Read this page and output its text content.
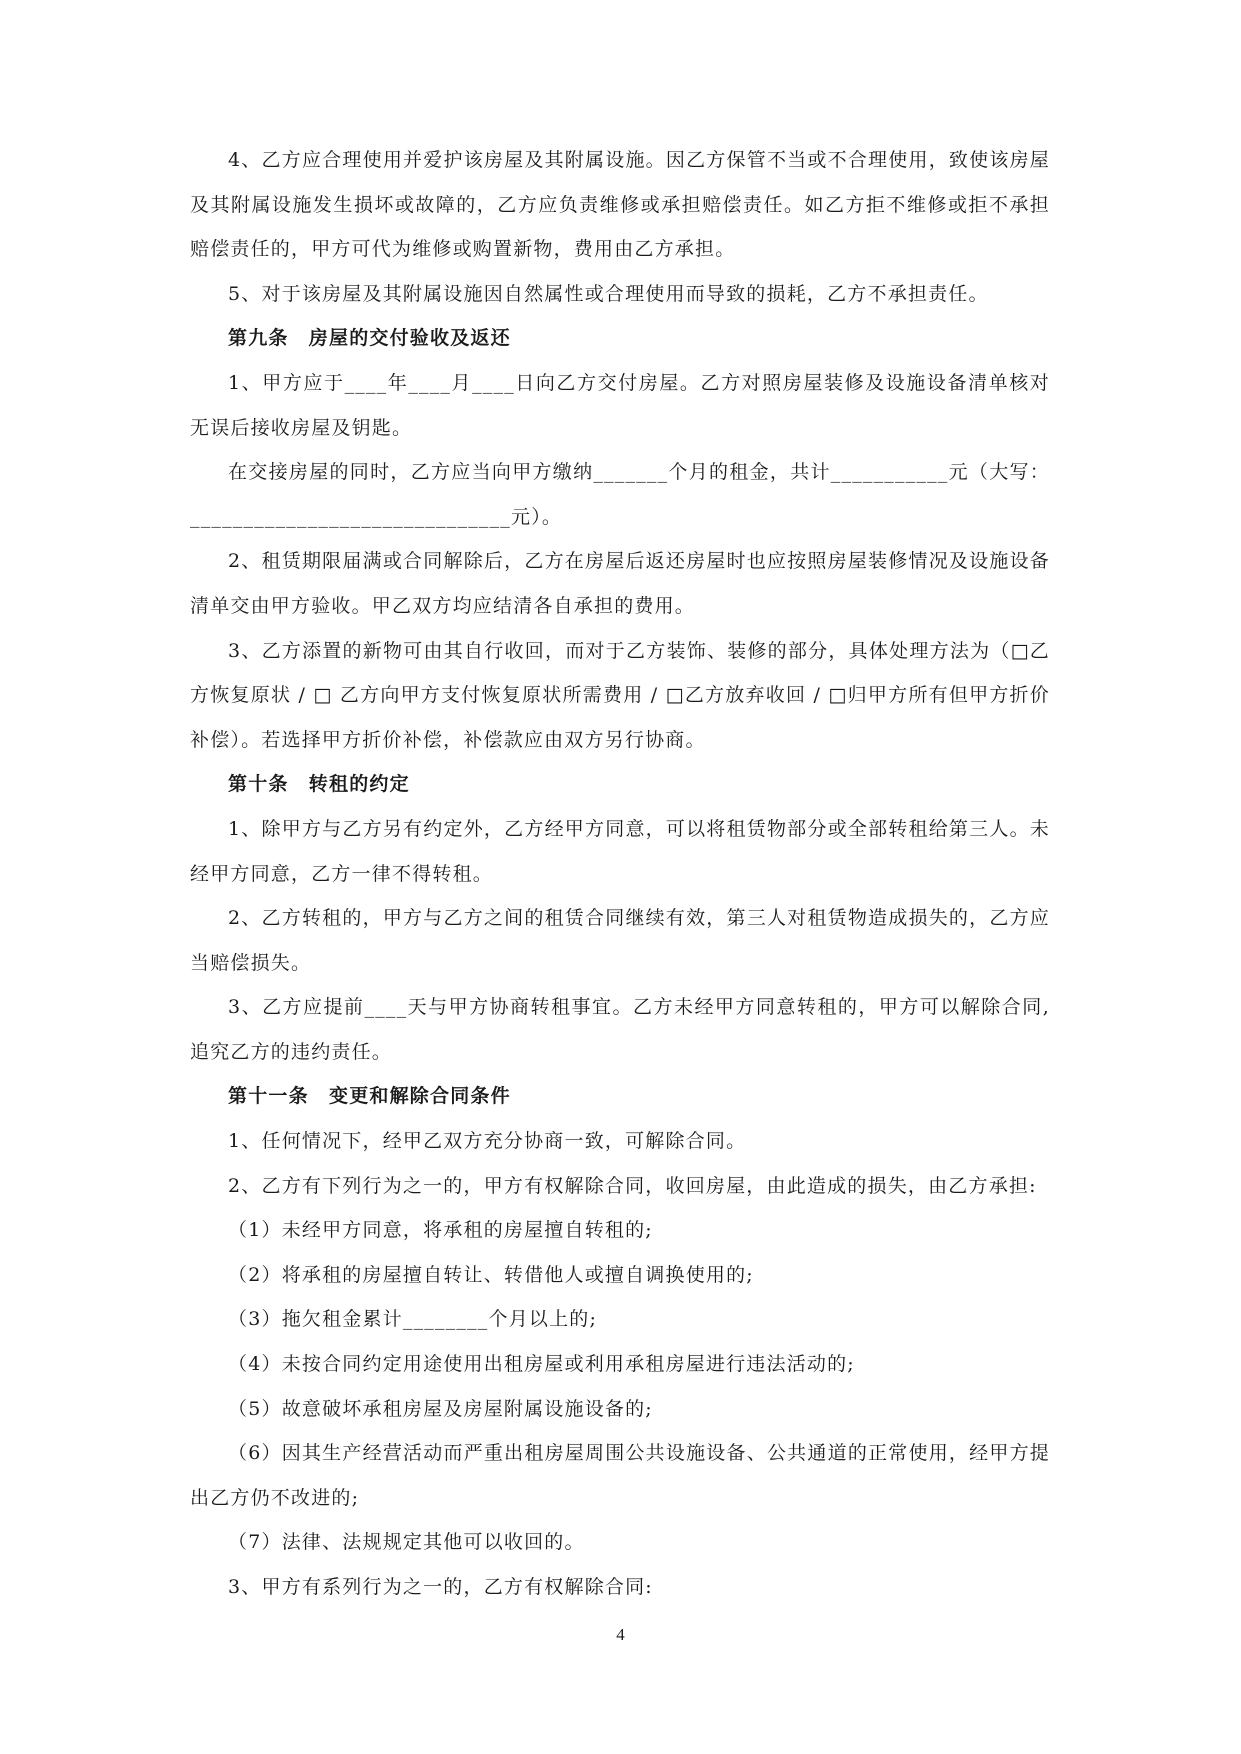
4、乙方应合理使用并爱护该房屋及其附属设施。因乙方保管不当或不合理使用，致使该房屋及其附属设施发生损坏或故障的，乙方应负责维修或承担赔偿责任。如乙方拒不维修或拒不承担赔偿责任的，甲方可代为维修或购置新物，费用由乙方承担。

5、对于该房屋及其附属设施因自然属性或合理使用而导致的损耗，乙方不承担责任。

第九条　房屋的交付验收及返还

1、甲方应于____年____月____日向乙方交付房屋。乙方对照房屋装修及设施设备清单核对无误后接收房屋及钥匙。

在交接房屋的同时，乙方应当向甲方缴纳_______个月的租金，共计___________元（大写：______________________________元）。

2、租赁期限届满或合同解除后，乙方在房屋后返还房屋时也应按照房屋装修情况及设施设备清单交由甲方验收。甲乙双方均应结清各自承担的费用。

3、乙方添置的新物可由其自行收回，而对于乙方装饰、装修的部分，具体处理方法为（□乙方恢复原状 / □ 乙方向甲方支付恢复原状所需费用 / □乙方放弃收回 / □归甲方所有但甲方折价补偿）。若选择甲方折价补偿，补偿款应由双方另行协商。

第十条　转租的约定

1、除甲方与乙方另有约定外，乙方经甲方同意，可以将租赁物部分或全部转租给第三人。未经甲方同意，乙方一律不得转租。

2、乙方转租的，甲方与乙方之间的租赁合同继续有效，第三人对租赁物造成损失的，乙方应当赔偿损失。

3、乙方应提前____天与甲方协商转租事宜。乙方未经甲方同意转租的，甲方可以解除合同,追究乙方的违约责任。

第十一条　变更和解除合同条件

1、任何情况下，经甲乙双方充分协商一致，可解除合同。

2、乙方有下列行为之一的，甲方有权解除合同，收回房屋，由此造成的损失，由乙方承担:

（1）未经甲方同意，将承租的房屋擅自转租的;

（2）将承租的房屋擅自转让、转借他人或擅自调换使用的;

（3）拖欠租金累计________个月以上的;

（4）未按合同约定用途使用出租房屋或利用承租房屋进行违法活动的;

（5）故意破坏承租房屋及房屋附属设施设备的;

（6）因其生产经营活动而严重出租房屋周围公共设施设备、公共通道的正常使用，经甲方提出乙方仍不改进的;

（7）法律、法规规定其他可以收回的。

3、甲方有系列行为之一的，乙方有权解除合同:

4
